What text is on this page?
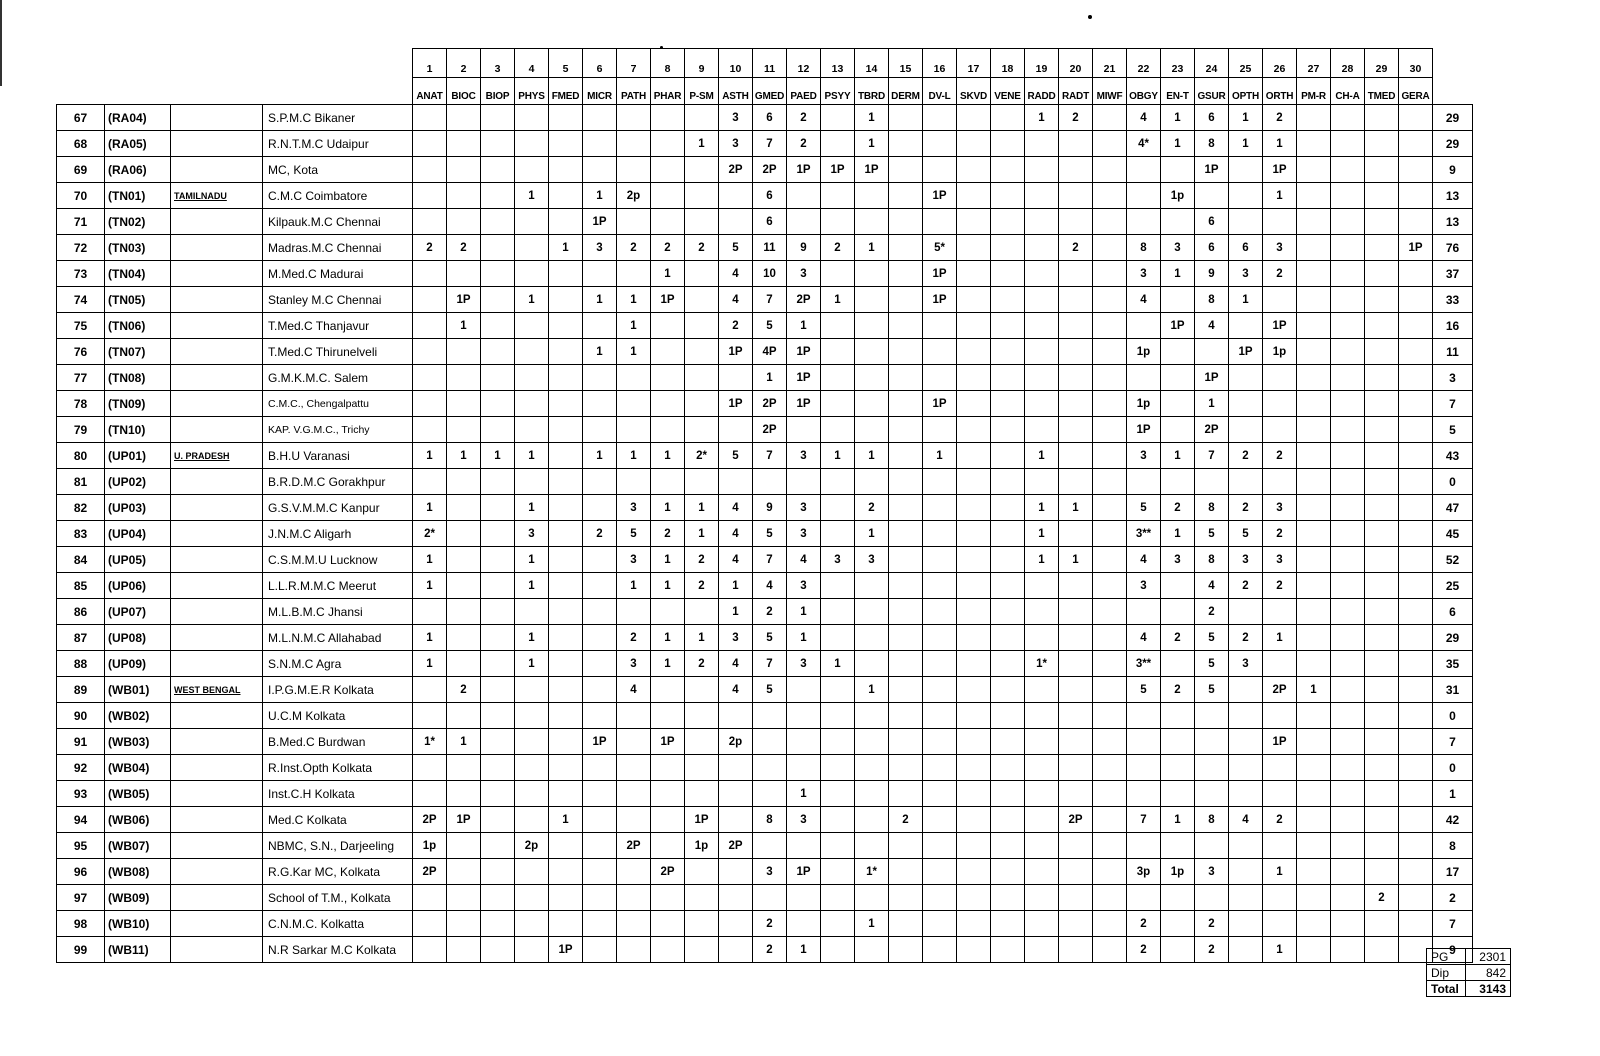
				1	2	3	4	5	6	7	8	9	10	11	12	13	14	15	16	17	18	19	20	21	22	23	24	25	26	27	28	29	30	
				ANAT	BIOC	BIOP	PHYS	FMED	MICR	PATH	PHAR	P-SM	ASTH	GMED	PAED	PSYY	TBRD	DERM	DV-L	SKVD	VENE	RADD	RADT	MIWF	OBGY	EN-T	GSUR	OPTH	ORTH	PM-R	CH-A	TMED	GERA	
67	(RA04)		S.P.M.C Bikaner										3	6	2		1					1	2		4	1	6	1	2					29
68	(RA05)		R.N.T.M.C Udaipur									1	3	7	2		1								4*	1	8	1	1					29
69	(RA06)		MC, Kota										2P	2P	1P	1P	1P										1P		1P					9
70	(TN01)	TAMILNADU	C.M.C Coimbatore				1		1	2p				6					1P							1p			1					13
71	(TN02)		Kilpauk.M.C Chennai						1P					6													6							13
72	(TN03)		Madras.M.C Chennai	2	2			1	3	2	2	2	5	11	9	2	1		5*				2		8	3	6	6	3				1P	76
73	(TN04)		M.Med.C Madurai								1		4	10	3				1P						3	1	9	3	2					37
74	(TN05)		Stanley M.C Chennai		1P		1		1	1	1P		4	7	2P	1			1P						4		8	1						33
75	(TN06)		T.Med.C Thanjavur		1					1			2	5	1											1P	4		1P					16
76	(TN07)		T.Med.C Thirunelveli						1	1			1P	4P	1P										1p			1P	1p					11
77	(TN08)		G.M.K.M.C. Salem											1	1P												1P							3
78	(TN09)		C.M.C., Chengalpattu										1P	2P	1P				1P						1p		1							7
79	(TN10)		KAP. V.G.M.C., Trichy											2P											1P		2P							5
80	(UP01)	U. PRADESH	B.H.U Varanasi	1	1	1	1		1	1	1	2*	5	7	3	1	1		1			1			3	1	7	2	2					43
81	(UP02)		B.R.D.M.C Gorakhpur																															0
82	(UP03)		G.S.V.M.M.C Kanpur	1			1			3	1	1	4	9	3		2					1	1		5	2	8	2	3					47
83	(UP04)		J.N.M.C Aligarh	2*			3		2	5	2	1	4	5	3		1					1			3**	1	5	5	2					45
84	(UP05)		C.S.M.M.U Lucknow	1			1			3	1	2	4	7	4	3	3					1	1		4	3	8	3	3					52
85	(UP06)		L.L.R.M.M.C Meerut	1			1			1	1	2	1	4	3										3		4	2	2					25
86	(UP07)		M.L.B.M.C Jhansi										1	2	1												2							6
87	(UP08)		M.L.N.M.C Allahabad	1			1			2	1	1	3	5	1										4	2	5	2	1					29
88	(UP09)		S.N.M.C Agra	1			1			3	1	2	4	7	3	1						1*			3**		5	3						35
89	(WB01)	WEST BENGAL	I.P.G.M.E.R Kolkata		2					4			4	5			1								5	2	5		2P	1				31
90	(WB02)		U.C.M Kolkata																															0
91	(WB03)		B.Med.C Burdwan	1*	1				1P		1P		2p																1P					7
92	(WB04)		R.Inst.Opth Kolkata																															0
93	(WB05)		Inst.C.H Kolkata												1																			1
94	(WB06)		Med.C Kolkata	2P	1P			1				1P		8	3			2					2P		7	1	8	4	2					42
95	(WB07)		NBMC, S.N., Darjeeling	1p			2p			2P		1p	2P																					8
96	(WB08)		R.G.Kar MC, Kolkata	2P							2P			3	1P		1*								3p	1p	3		1					17
97	(WB09)		School of T.M., Kolkata																													2		2
98	(WB10)		C.N.M.C. Kolkatta											2			1								2		2							7
99	(WB11)		N.R Sarkar M.C Kolkata					1P						2	1										2		2		1					9
PG	2301
Dip	842
Total	3143
